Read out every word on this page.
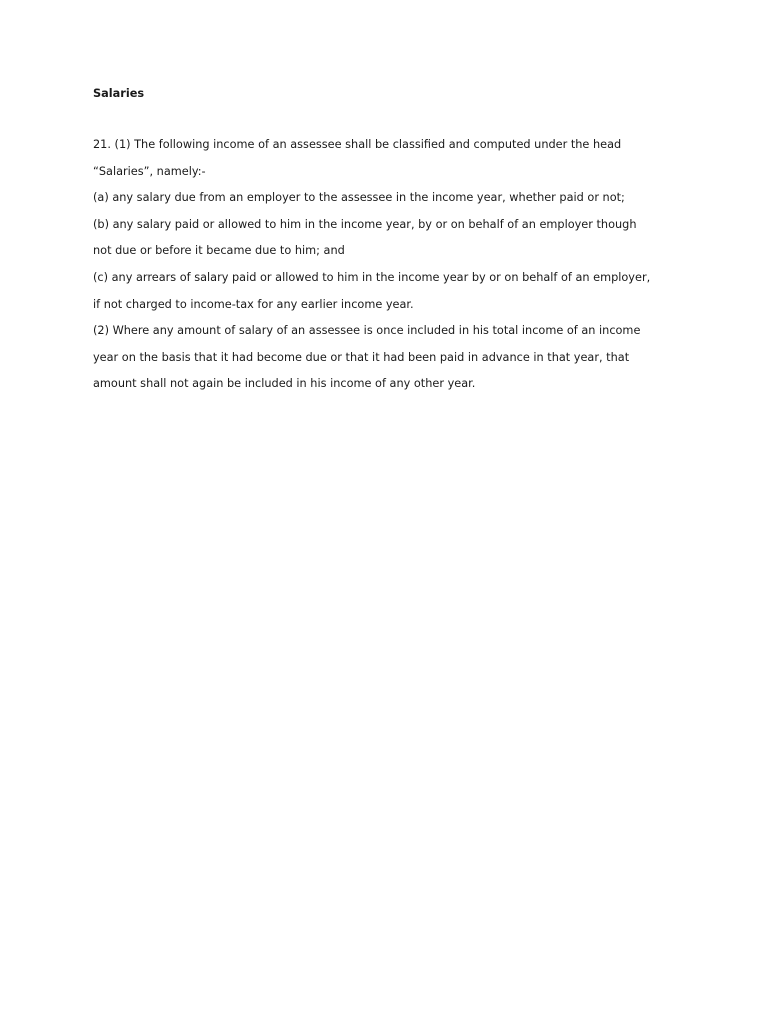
Salaries
21. (1) The following income of an assessee shall be classified and computed under the head
“Salaries”, namely:-
(a) any salary due from an employer to the assessee in the income year, whether paid or not;
(b) any salary paid or allowed to him in the income year, by or on behalf of an employer though
not due or before it became due to him; and
(c) any arrears of salary paid or allowed to him in the income year by or on behalf of an employer,
if not charged to income-tax for any earlier income year.
(2) Where any amount of salary of an assessee is once included in his total income of an income
year on the basis that it had become due or that it had been paid in advance in that year, that
amount shall not again be included in his income of any other year.
